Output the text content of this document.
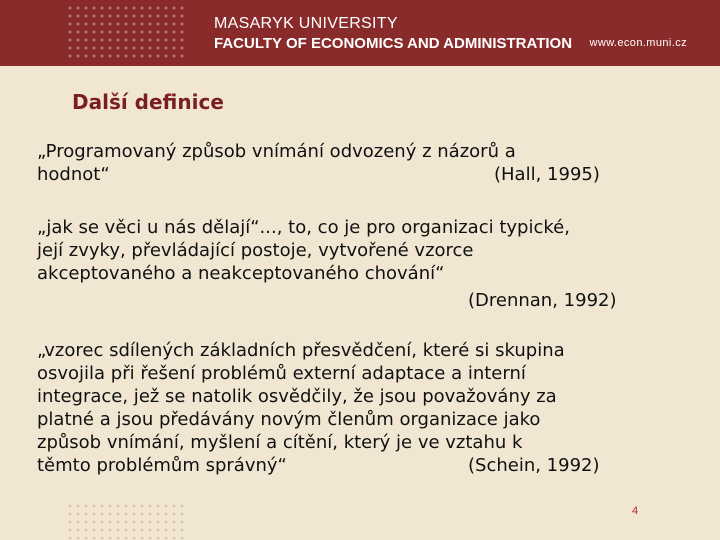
MASARYK UNIVERSITY
FACULTY OF ECONOMICS AND ADMINISTRATION www.econ.muni.cz
Další definice
„Programovaný způsob vnímání odvozený z názorů a
hodnot“	(Hall, 1995)
„jak se věci u nás dělají“..., to, co je pro organizaci typické,
její zvyky, převládající postoje, vytvořené vzorce
akceptovaného a neakceptovaného chování“
(Drennan, 1992)
„vzorec sdílených základních přesvědčení, které si skupina
osvojila při řešení problémů externí adaptace a interní
integrace, jež se natolik osvědčily, že jsou považovány za
platné a jsou předávány novým členům organizace jako
způsob vnímání, myšlení a cítění, který je ve vztahu k
těmto problémům správný“	(Schein, 1992)
4
